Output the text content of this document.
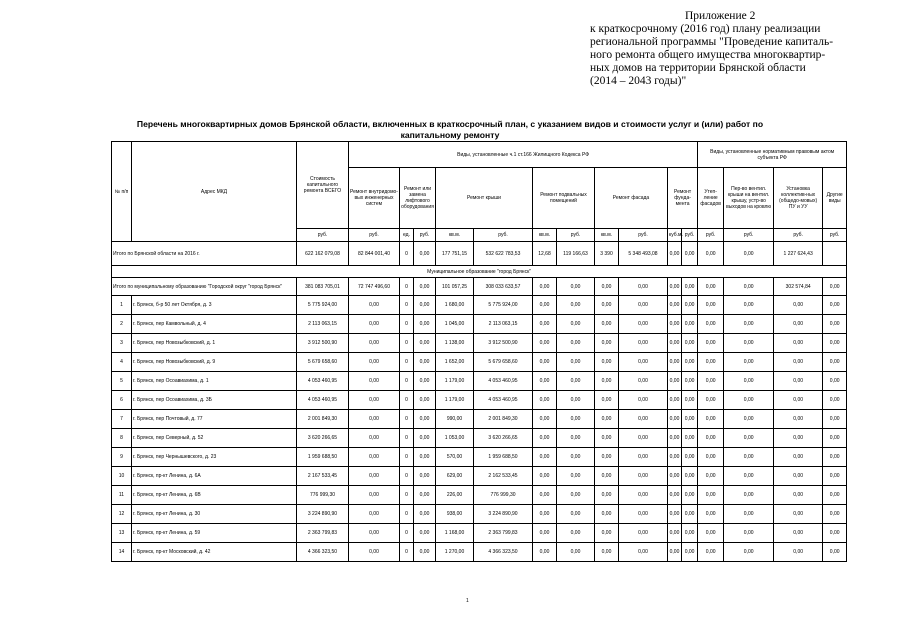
Приложение 2
к краткосрочному (2016 год) плану реализации
региональной программы "Проведение капиталь-
ного ремонта общего имущества многоквартир-
ных домов на территории Брянской области
(2014 – 2043 годы)"
Перечень многоквартирных домов Брянской области, включенных в краткосрочный план, с указанием видов и стоимости услуг и (или) работ по
капитальному ремонту
№ п/п	Адрес МКД	Стоимость капитального ремонта ВСЕГО	Виды, установленные ч.1 ст.166 Жилищного Кодекса РФ											Виды, установленные нормативным правовым актом субъекта РФ			
			Ремонт внутридомо-вых инженерных систем	Ремонт или замена лифтового оборудования		Ремонт крыши		Ремонт подвальных помещений		Ремонт фасада		Ремонт фунда-мента		Утеп-ление фасадов	Пер-во вентил. крыши на вентил. крышу, устр-во выходов на кровлю	Установка коллектив-ных (общедо-мовых) ПУ и УУ	Другие виды
		руб.	руб.	ед.	руб.	кв.м.	руб.	кв.м.	руб.	кв.м.	руб.	куб.м.	руб.	руб.	руб.	руб.	руб.
Итого по Брянской области на 2016 г.		622 162 079,08	82 844 001,40	0	0,00	177 751,15	532 622 783,53	12,68	119 166,63	3 390	5 348 493,08	0,00	0,00	0,00	0,00	1 227 624,43	
Муниципальное образование "город Брянск"																	
Итого по муниципальному образованию "Городской округ "город Брянск"		381 083 705,01	72 747 496,60	0	0,00	101 057,25	308 033 633,57	0,00	0,00	0,00	0,00	0,00	0,00	0,00	0,00	302 574,84	0,00
1	г. Брянск, б-р 50 лет Октября, д. 3	5 775 924,00	0,00	0	0,00	1 680,00	5 775 924,00	0,00	0,00	0,00	0,00	0,00	0,00	0,00	0,00	0,00	0,00
2	г. Брянск, пер Камвольный, д. 4	2 113 063,15	0,00	0	0,00	1 045,00	2 113 063,15	0,00	0,00	0,00	0,00	0,00	0,00	0,00	0,00	0,00	0,00
3	г. Брянск, пер Новозыбковский, д. 1	3 912 500,90	0,00	0	0,00	1 138,00	3 912 500,90	0,00	0,00	0,00	0,00	0,00	0,00	0,00	0,00	0,00	0,00
4	г. Брянск, пер Новозыбковский, д. 9	5 679 658,60	0,00	0	0,00	1 652,00	5 679 658,60	0,00	0,00	0,00	0,00	0,00	0,00	0,00	0,00	0,00	0,00
5	г. Брянск, пер Осоавиахима, д. 1	4 053 460,95	0,00	0	0,00	1 179,00	4 053 460,95	0,00	0,00	0,00	0,00	0,00	0,00	0,00	0,00	0,00	0,00
6	г. Брянск, пер Осоавиахима, д. 3Б	4 053 460,95	0,00	0	0,00	1 179,00	4 053 460,95	0,00	0,00	0,00	0,00	0,00	0,00	0,00	0,00	0,00	0,00
7	г. Брянск, пер Почтовый, д. 77	2 001 849,30	0,00	0	0,00	990,00	2 001 849,30	0,00	0,00	0,00	0,00	0,00	0,00	0,00	0,00	0,00	0,00
8	г. Брянск, пер Северный, д. 52	3 620 266,65	0,00	0	0,00	1 053,00	3 620 266,65	0,00	0,00	0,00	0,00	0,00	0,00	0,00	0,00	0,00	0,00
9	г. Брянск, пер Чернышевского, д. 23	1 959 688,50	0,00	0	0,00	570,00	1 959 688,50	0,00	0,00	0,00	0,00	0,00	0,00	0,00	0,00	0,00	0,00
10	г. Брянск, пр-кт Ленина, д. 6А	2 167 533,45	0,00	0	0,00	629,00	2 162 533,45	0,00	0,00	0,00	0,00	0,00	0,00	0,00	0,00	0,00	0,00
11	г. Брянск, пр-кт Ленина, д. 6В	776 999,30	0,00	0	0,00	226,00	776 999,30	0,00	0,00	0,00	0,00	0,00	0,00	0,00	0,00	0,00	0,00
12	г. Брянск, пр-кт Ленина, д. 30	3 224 890,90	0,00	0	0,00	938,00	3 224 890,90	0,00	0,00	0,00	0,00	0,00	0,00	0,00	0,00	0,00	0,00
13	г. Брянск, пр-кт Ленина, д. 59	2 363 799,83	0,00	0	0,00	1 168,00	2 363 799,83	0,00	0,00	0,00	0,00	0,00	0,00	0,00	0,00	0,00	0,00
14	г. Брянск, пр-кт Московский, д. 42	4 366 323,50	0,00	0	0,00	1 270,00	4 366 323,50	0,00	0,00	0,00	0,00	0,00	0,00	0,00	0,00	0,00	0,00
1
